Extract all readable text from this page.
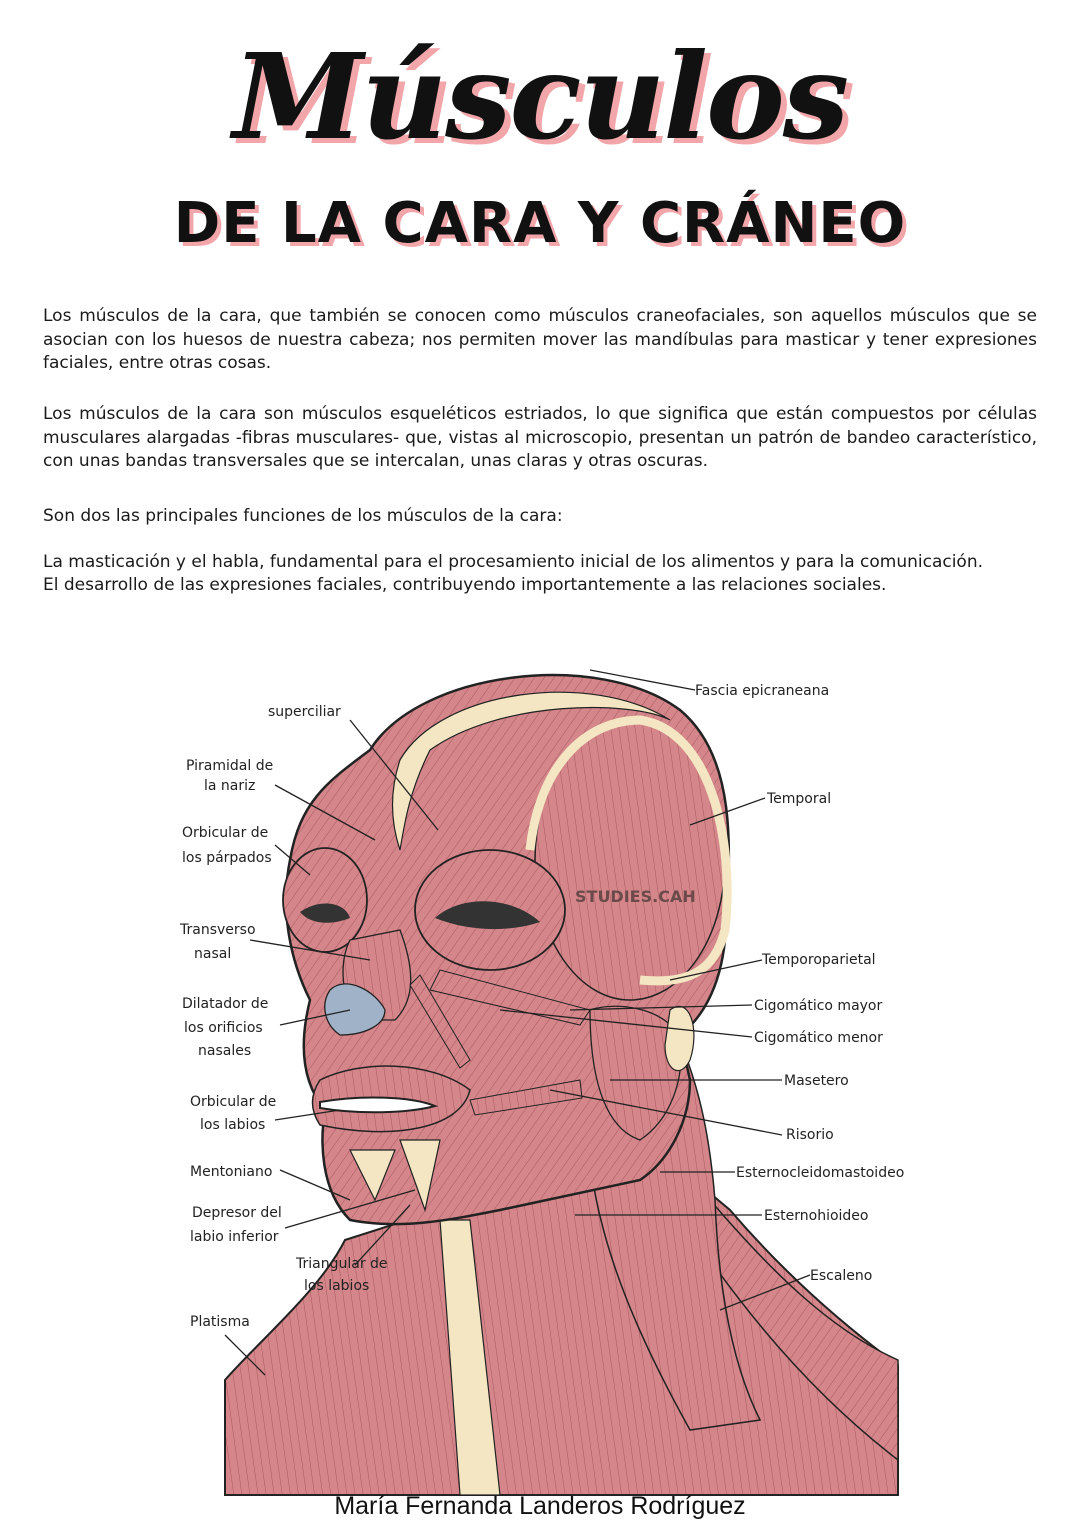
Músculos
DE LA CARA Y CRÁNEO

Los músculos de la cara, que también se conocen como músculos craneofaciales, son aquellos músculos que se asocian con los huesos de nuestra cabeza; nos permiten mover las mandíbulas para masticar y tener expresiones faciales, entre otras cosas.

Los músculos de la cara son músculos esqueléticos estriados, lo que significa que están compuestos por células musculares alargadas -fibras musculares- que, vistas al microscopio, presentan un patrón de bandeo característico, con unas bandas transversales que se intercalan, unas claras y otras oscuras.

Son dos las principales funciones de los músculos de la cara:

La masticación y el habla, fundamental para el procesamiento inicial de los alimentos y para la comunicación.

El desarrollo de las expresiones faciales, contribuyendo importantemente a las relaciones sociales.

STUDIES.CAH
superciliar
Piramidal de
la nariz
Orbicular de
los párpados
Transverso
nasal
Dilatador de
los orificios
nasales
Orbicular de
los labios
Mentoniano
Depresor del
labio inferior
Triangular de
los labios
Platisma
Fascia epicraneana
Temporal
Temporoparietal
Cigomático mayor
Cigomático menor
Masetero
Risorio
Esternocleidomastoideo
Esternohioideo
Escaleno
María Fernanda Landeros Rodríguez
